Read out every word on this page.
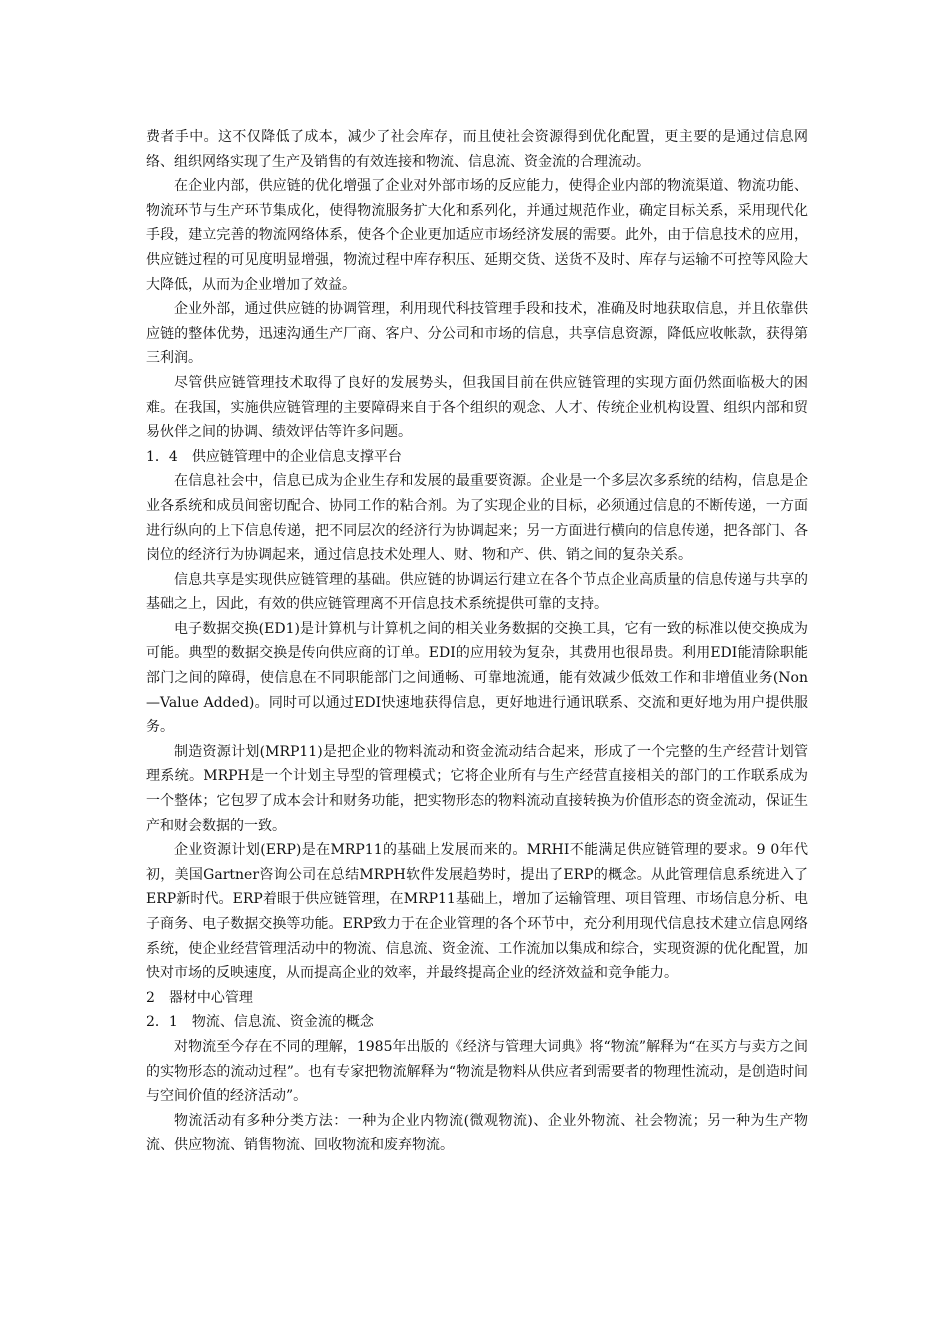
费者手中。这不仅降低了成本，减少了社会库存，而且使社会资源得到优化配置，更主要的是通过信息网络、组织网络实现了生产及销售的有效连接和物流、信息流、资金流的合理流动。

在企业内部，供应链的优化增强了企业对外部市场的反应能力，使得企业内部的物流渠道、物流功能、物流环节与生产环节集成化，使得物流服务扩大化和系列化，并通过规范作业，确定目标关系，采用现代化手段，建立完善的物流网络体系，使各个企业更加适应市场经济发展的需要。此外，由于信息技术的应用，供应链过程的可见度明显增强，物流过程中库存积压、延期交货、送货不及时、库存与运输不可控等风险大大降低，从而为企业增加了效益。

企业外部，通过供应链的协调管理，利用现代科技管理手段和技术，准确及时地获取信息，并且依靠供应链的整体优势，迅速沟通生产厂商、客户、分公司和市场的信息，共享信息资源，降低应收帐款，获得第三利润。

尽管供应链管理技术取得了良好的发展势头，但我国目前在供应链管理的实现方面仍然面临极大的困难。在我国，实施供应链管理的主要障碍来自于各个组织的观念、人才、传统企业机构设置、组织内部和贸易伙伴之间的协调、绩效评估等许多问题。

1．4 供应链管理中的企业信息支撑平台

在信息社会中，信息已成为企业生存和发展的最重要资源。企业是一个多层次多系统的结构，信息是企业各系统和成员间密切配合、协同工作的粘合剂。为了实现企业的目标，必须通过信息的不断传递，一方面进行纵向的上下信息传递，把不同层次的经济行为协调起来；另一方面进行横向的信息传递，把各部门、各岗位的经济行为协调起来，通过信息技术处理人、财、物和产、供、销之间的复杂关系。

信息共享是实现供应链管理的基础。供应链的协调运行建立在各个节点企业高质量的信息传递与共享的基础之上，因此，有效的供应链管理离不开信息技术系统提供可靠的支持。

电子数据交换(ED1)是计算机与计算机之间的相关业务数据的交换工具，它有一致的标准以使交换成为可能。典型的数据交换是传向供应商的订单。EDI的应用较为复杂，其费用也很昂贵。利用EDI能清除职能部门之间的障碍，使信息在不同职能部门之间通畅、可靠地流通，能有效减少低效工作和非增值业务(Non—Value Added)。同时可以通过EDI快速地获得信息，更好地进行通讯联系、交流和更好地为用户提供服务。

制造资源计划(MRP11)是把企业的物料流动和资金流动结合起来，形成了一个完整的生产经营计划管理系统。MRPH是一个计划主导型的管理模式；它将企业所有与生产经营直接相关的部门的工作联系成为一个整体；它包罗了成本会计和财务功能，把实物形态的物料流动直接转换为价值形态的资金流动，保证生产和财会数据的一致。

企业资源计划(ERP)是在MRP11的基础上发展而来的。MRHI不能满足供应链管理的要求。9 0年代初，美国Gartner咨询公司在总结MRPH软件发展趋势时，提出了ERP的概念。从此管理信息系统进入了ERP新时代。ERP着眼于供应链管理，在MRP11基础上，增加了运输管理、项目管理、市场信息分析、电子商务、电子数据交换等功能。ERP致力于在企业管理的各个环节中，充分利用现代信息技术建立信息网络系统，使企业经营管理活动中的物流、信息流、资金流、工作流加以集成和综合，实现资源的优化配置，加快对市场的反映速度，从而提高企业的效率，并最终提高企业的经济效益和竞争能力。

2 器材中心管理
2．1 物流、信息流、资金流的概念

对物流至今存在不同的理解，1985年出版的《经济与管理大词典》将“物流”解释为“在买方与卖方之间的实物形态的流动过程”。也有专家把物流解释为“物流是物料从供应者到需要者的物理性流动，是创造时间与空间价值的经济活动”。

物流活动有多种分类方法：一种为企业内物流(微观物流)、企业外物流、社会物流；另一种为生产物流、供应物流、销售物流、回收物流和废弃物流。
